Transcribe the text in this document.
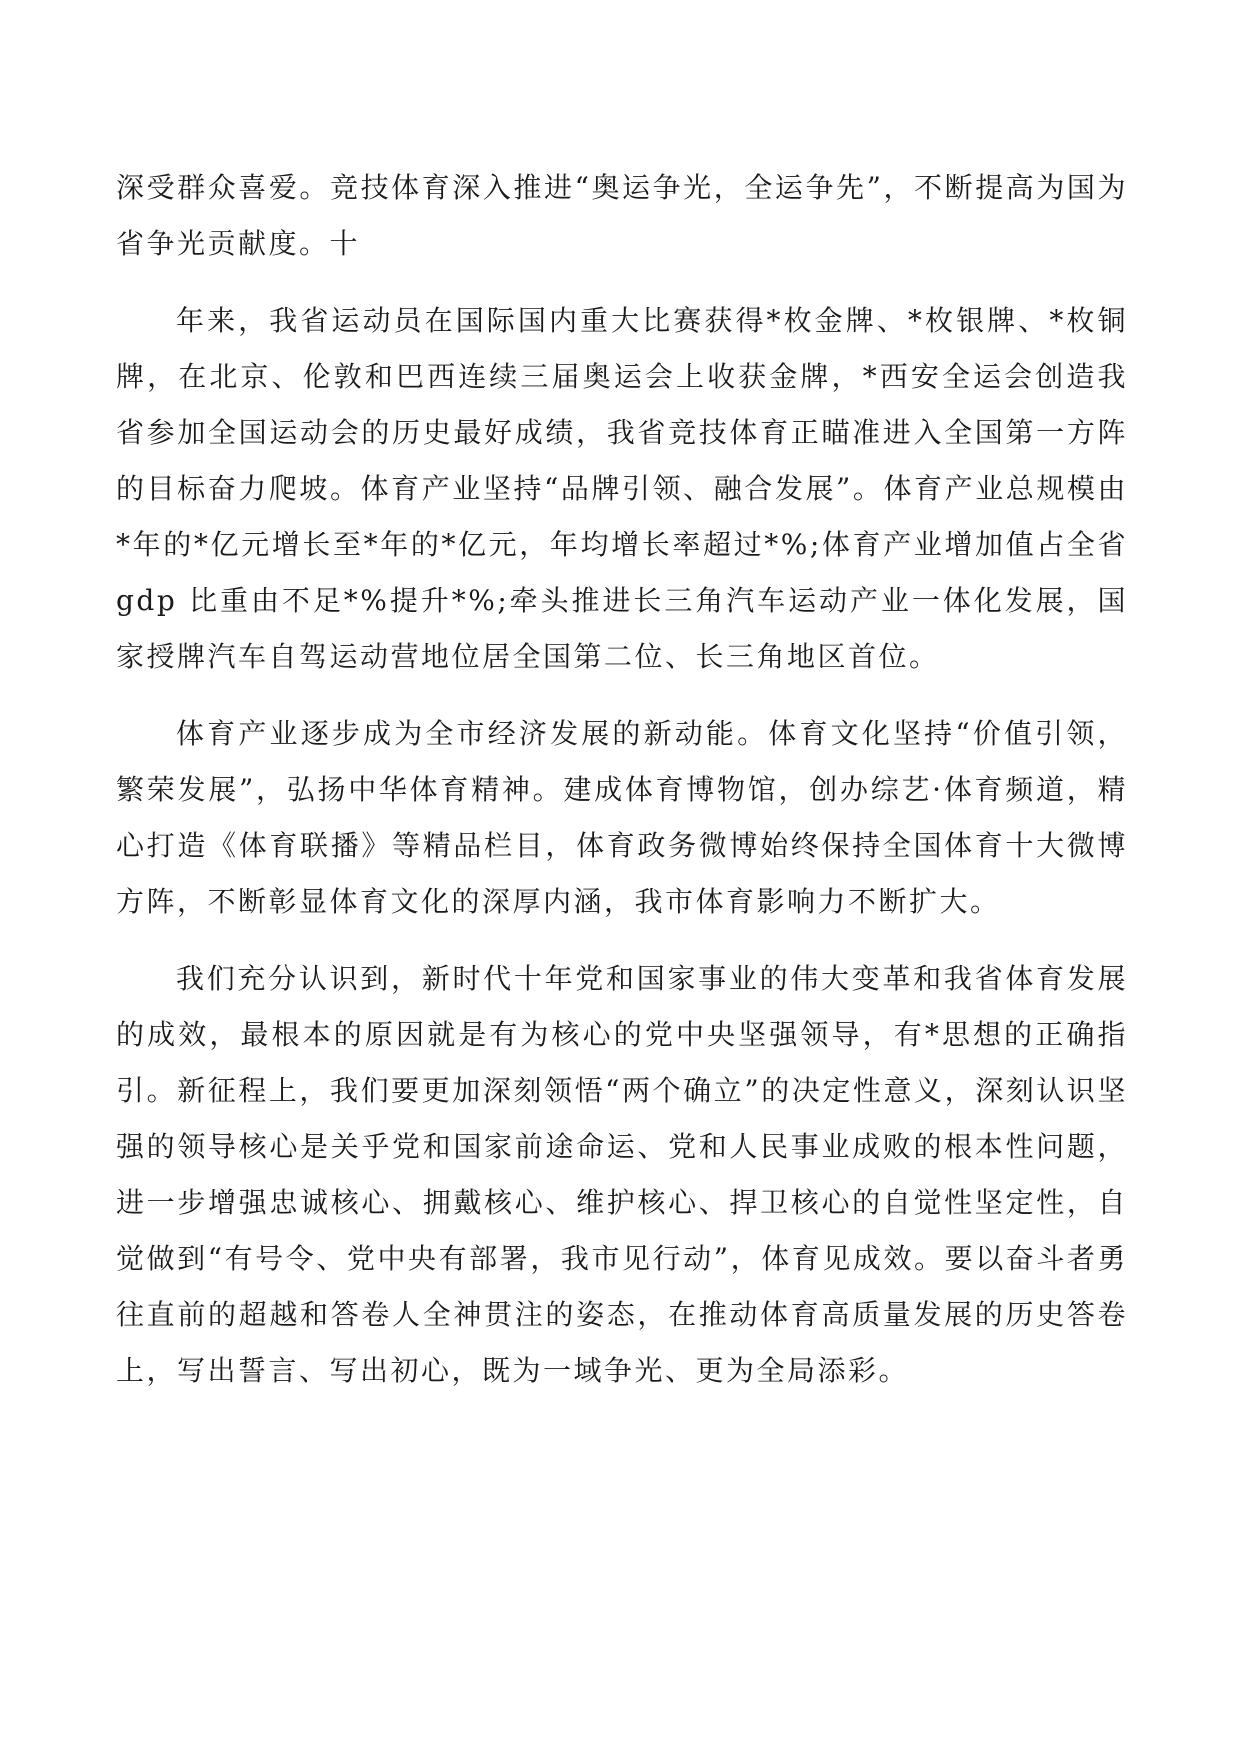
深受群众喜爱。竞技体育深入推进“奥运争光，全运争先”，不断提高为国为省争光贡献度。十

年来，我省运动员在国际国内重大比赛获得*枚金牌、*枚银牌、*枚铜牌，在北京、伦敦和巴西连续三届奥运会上收获金牌，*西安全运会创造我省参加全国运动会的历史最好成绩，我省竞技体育正瞄准进入全国第一方阵的目标奋力爬坡。体育产业坚持“品牌引领、融合发展”。体育产业总规模由*年的*亿元增长至*年的*亿元，年均增长率超过*%;体育产业增加值占全省 gdp 比重由不足*%提升*%;牵头推进长三角汽车运动产业一体化发展，国家授牌汽车自驾运动营地位居全国第二位、长三角地区首位。

体育产业逐步成为全市经济发展的新动能。体育文化坚持“价值引领，繁荣发展”，弘扬中华体育精神。建成体育博物馆，创办综艺·体育频道，精心打造《体育联播》等精品栏目，体育政务微博始终保持全国体育十大微博方阵，不断彰显体育文化的深厚内涵，我市体育影响力不断扩大。

我们充分认识到，新时代十年党和国家事业的伟大变革和我省体育发展的成效，最根本的原因就是有为核心的党中央坚强领导，有*思想的正确指引。新征程上，我们要更加深刻领悟“两个确立”的决定性意义，深刻认识坚强的领导核心是关乎党和国家前途命运、党和人民事业成败的根本性问题，进一步增强忠诚核心、拥戴核心、维护核心、捍卫核心的自觉性坚定性，自觉做到“有号令、党中央有部署，我市见行动”，体育见成效。要以奋斗者勇往直前的超越和答卷人全神贯注的姿态，在推动体育高质量发展的历史答卷上，写出誓言、写出初心，既为一域争光、更为全局添彩。
